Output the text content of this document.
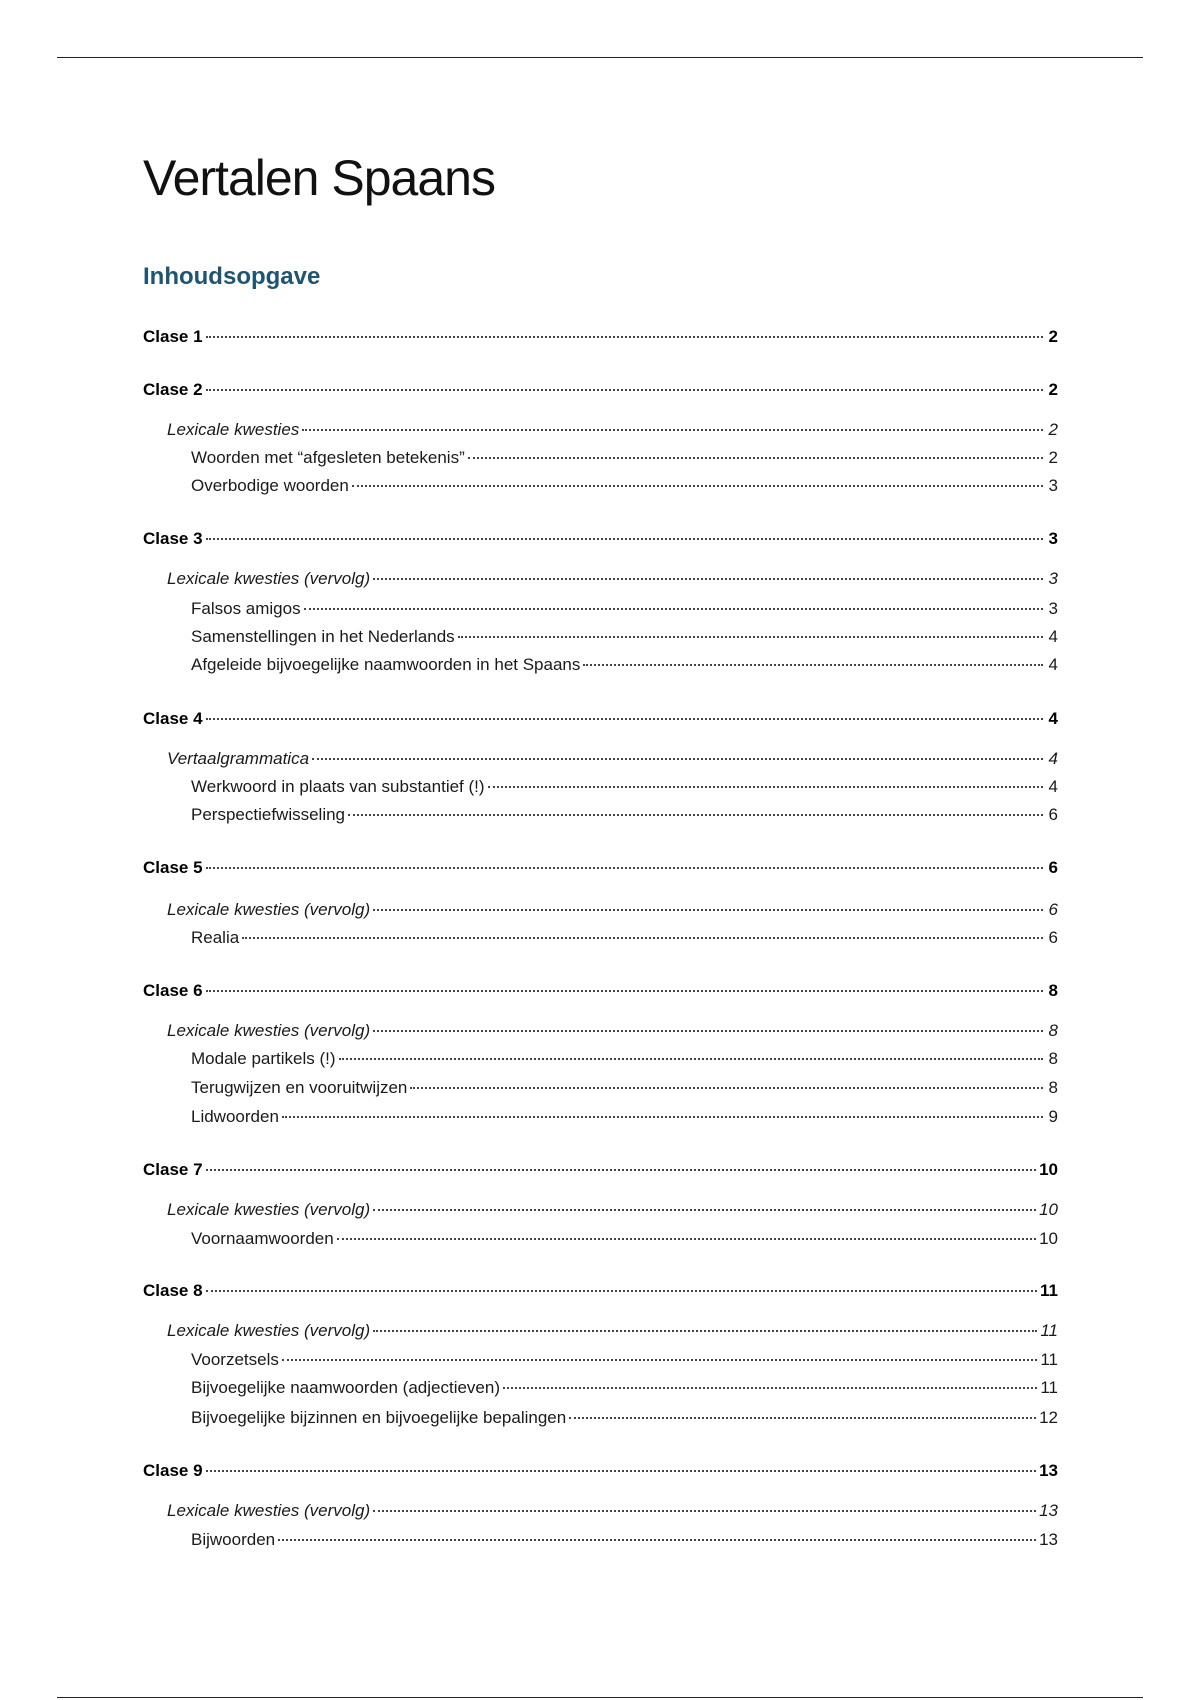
Vertalen Spaans
Inhoudsopgave
Clase 1	2
Clase 2	2
Lexicale kwesties	2
Woorden met “afgesleten betekenis”	2
Overbodige woorden	3
Clase 3	3
Lexicale kwesties (vervolg)	3
Falsos amigos	3
Samenstellingen in het Nederlands	4
Afgeleide bijvoegelijke naamwoorden in het Spaans	4
Clase 4	4
Vertaalgrammatica	4
Werkwoord in plaats van substantief (!)	4
Perspectiefwisseling	6
Clase 5	6
Lexicale kwesties (vervolg)	6
Realia	6
Clase 6	8
Lexicale kwesties (vervolg)	8
Modale partikels (!)	8
Terugwijzen en vooruitwijzen	8
Lidwoorden	9
Clase 7	10
Lexicale kwesties (vervolg)	10
Voornaamwoorden	10
Clase 8	11
Lexicale kwesties (vervolg)	11
Voorzetsels	11
Bijvoegelijke naamwoorden (adjectieven)	11
Bijvoegelijke bijzinnen en bijvoegelijke bepalingen	12
Clase 9	13
Lexicale kwesties (vervolg)	13
Bijwoorden	13
